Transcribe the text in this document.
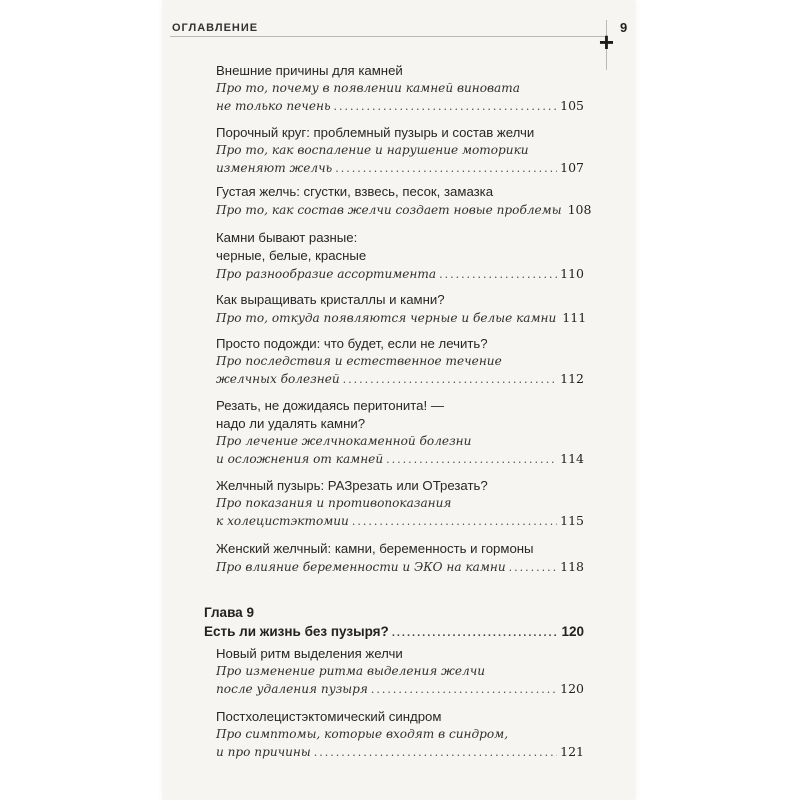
ОГЛАВЛЕНИЕ	+ 9
Внешние причины для камней
Про то, почему в появлении камней виновата
не только печень .....	105
Порочный круг: проблемный пузырь и состав желчи
Про то, как воспаление и нарушение моторики
изменяют желчь .....	107
Густая желчь: сгустки, взвесь, песок, замазка
Про то, как состав желчи создает новые проблемы 108
Камни бывают разные:
черные, белые, красные
Про разнообразие ассортимента .....	110
Как выращивать кристаллы и камни?
Про то, откуда появляются черные и белые камни 111
Просто подожди: что будет, если не лечить?
Про последствия и естественное течение
желчных болезней .....	112
Резать, не дожидаясь перитонита! —
надо ли удалять камни?
Про лечение желчнокаменной болезни
и осложнения от камней .....	114
Желчный пузырь: РАЗрезать или ОТрезать?
Про показания и противопоказания
к холецистэктомии .....	115
Женский желчный: камни, беременность и гормоны
Про влияние беременности и ЭКО на камни .....	118
Глава 9
Есть ли жизнь без пузыря? .....	120
Новый ритм выделения желчи
Про изменение ритма выделения желчи
после удаления пузыря .....	120
Постхолецистэктомический синдром
Про симптомы, которые входят в синдром,
и про причины .....	121
